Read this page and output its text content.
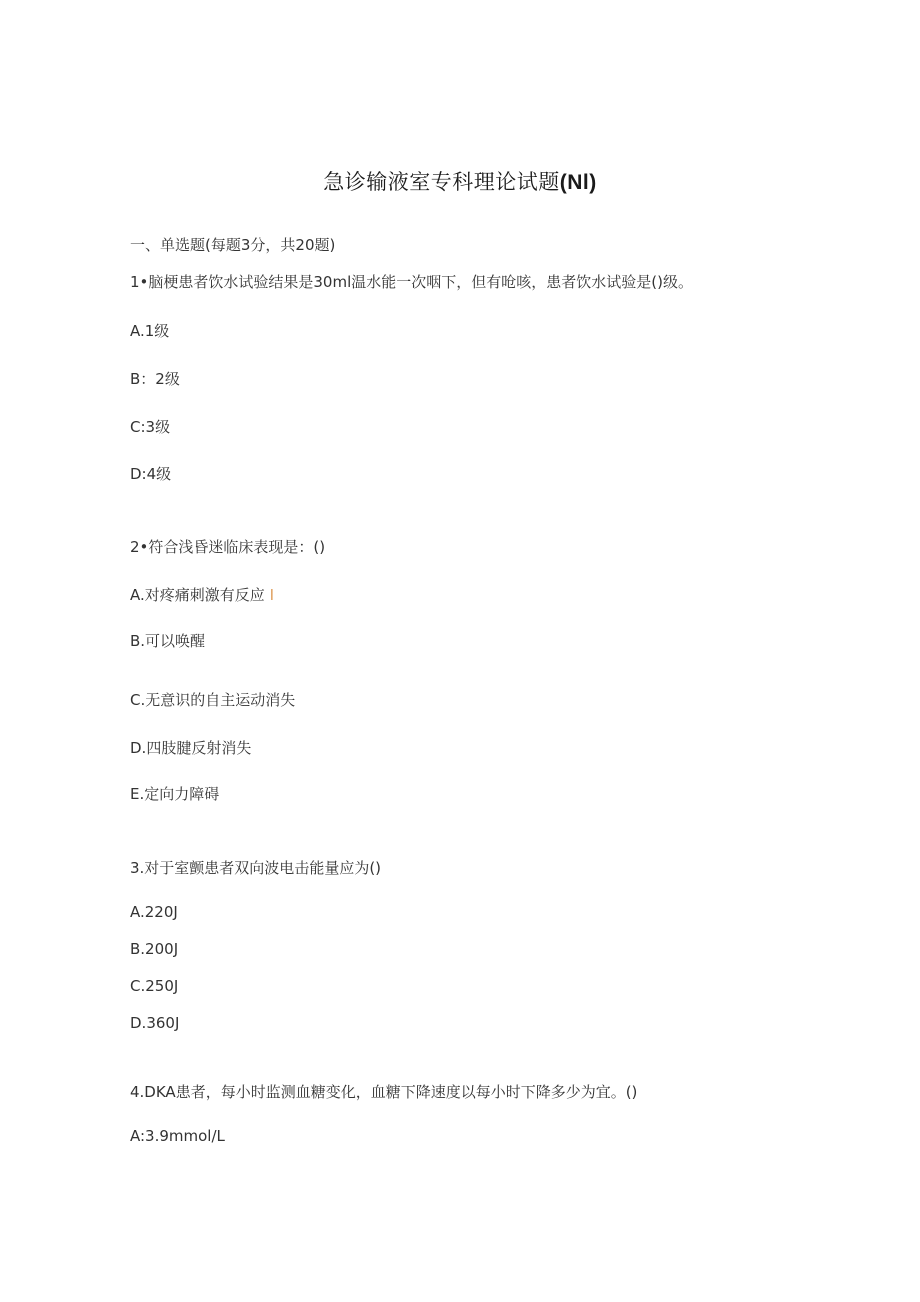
急诊输液室专科理论试题(Nl)
一、单选题(每题3分，共20题)
1•脑梗患者饮水试验结果是30ml温水能一次咽下，但有呛咳，患者饮水试验是()级。
A.1级
B：2级
C:3级
D:4级
2•符合浅昏迷临床表现是：()
A.对疼痛刺激有反应 I
B.可以唤醒
C.无意识的自主运动消失
D.四肢腱反射消失
E.定向力障碍
3.对于室颤患者双向波电击能量应为()
A.220J
B.200J
C.250J
D.360J
4.DKA患者，每小时监测血糖变化，血糖下降速度以每小时下降多少为宜。()
A:3.9mmol/L
